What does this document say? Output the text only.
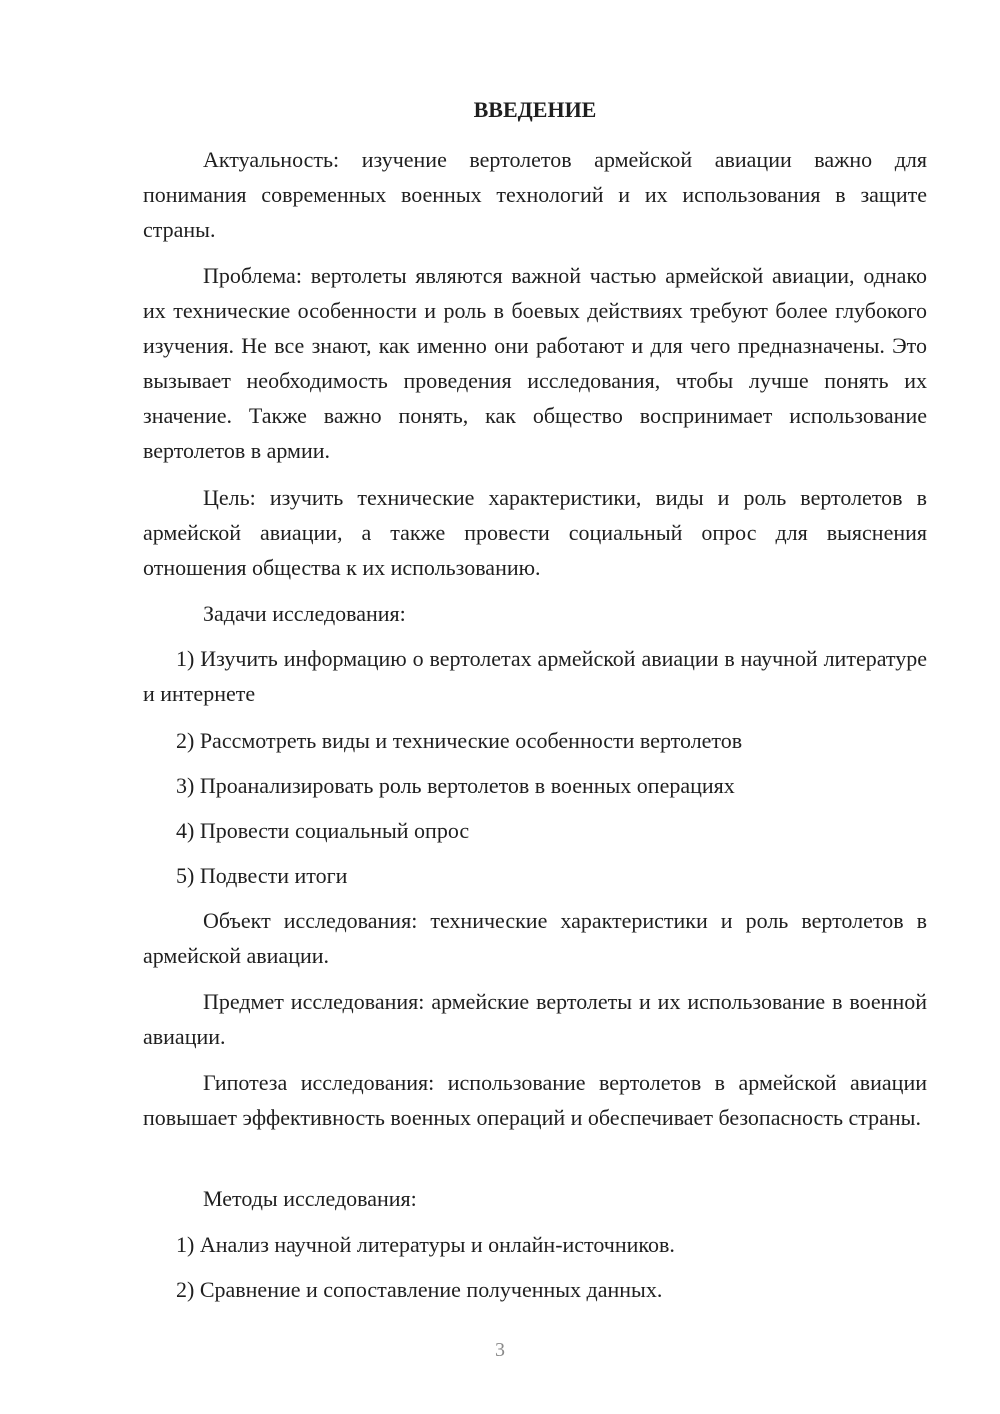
ВВЕДЕНИЕ

Актуальность: изучение вертолетов армейской авиации важно для понимания современных военных технологий и их использования в защите страны.

Проблема: вертолеты являются важной частью армейской авиации, однако их технические особенности и роль в боевых действиях требуют более глубокого изучения. Не все знают, как именно они работают и для чего предназначены. Это вызывает необходимость проведения исследования, чтобы лучше понять их значение. Также важно понять, как общество воспринимает использование вертолетов в армии.

Цель: изучить технические характеристики, виды и роль вертолетов в армейской авиации, а также провести социальный опрос для выяснения отношения общества к их использованию.

Задачи исследования:

1) Изучить информацию о вертолетах армейской авиации в научной литературе и интернете

2) Рассмотреть виды и технические особенности вертолетов

3) Проанализировать роль вертолетов в военных операциях

4) Провести социальный опрос

5) Подвести итоги

Объект исследования: технические характеристики и роль вертолетов в армейской авиации.

Предмет исследования: армейские вертолеты и их использование в военной авиации.

Гипотеза исследования: использование вертолетов в армейской авиации повышает эффективность военных операций и обеспечивает безопасность страны.

Методы исследования:

1) Анализ научной литературы и онлайн-источников.

2) Сравнение и сопоставление полученных данных.

3
